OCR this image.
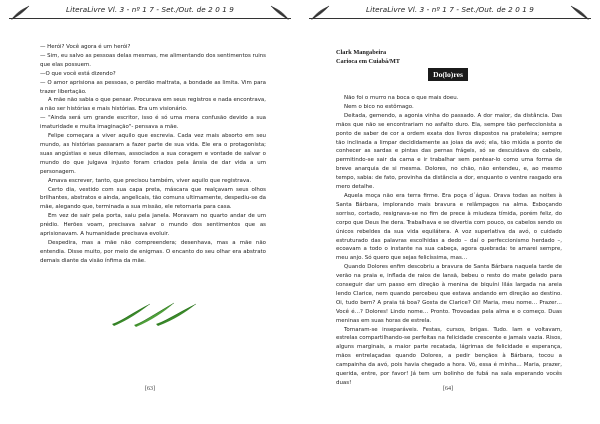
LiteraLivre Vl. 3 - nº 1 7 - Set./Out. de 2 0 1 9

— Herói? Você agora é um herói?

— Sim, eu salvo as pessoas delas mesmas, me alimentando dos sentimentos ruins que elas possuem.

—O que você está dizendo?

— O amor aprisiona as pessoas, o perdão maltrata, a bondade as limita. Vim para trazer libertação.

A mãe não sabia o que pensar. Procurava em seus registros e nada encontrava, a não ser histórias e mais histórias. Era um visionário.

— "Ainda será um grande escritor, isso é só uma mera confusão devido a sua imaturidade e muita imaginação"- pensava a mãe.

Felipe começara a viver aquilo que escrevia. Cada vez mais absorto em seu mundo, as histórias passaram a fazer parte de sua vida. Ele era o protagonista; suas angústias e seus dilemas, associados a sua coragem e vontade de salvar o mundo do que julgava injusto foram criados pela ânsia de dar vida a um personagem.

Amava escrever, tanto, que precisou também, viver aquilo que registrava.

Certo dia, vestido com sua capa preta, máscara que realçavam seus olhos brilhantes, abstratos e ainda, angelicais, tão comuns ultimamente, despediu-se da mãe, alegando que, terminada a sua missão, ele retornaria para casa.

Em vez de sair pela porta, saiu pela janela. Moravam no quarto andar de um prédio. Herões voam, precisava salvar o mundo dos sentimentos que as aprisionavam. A humanidade precisava evoluir.

Despedira, mas a mãe não compreendera; desenhava, mas a mãe não entendia. Disse muito, por meio de enigmas. O encanto do seu olhar era abstrato demais diante da visão ínfima da mãe.

[63]
LiteraLivre Vl. 3 - nº 1 7 - Set./Out. de 2 0 1 9
Clark Mangabeira
Carioca em Cuiabá/MT
Do(lo)res

Não foi o murro na boca o que mais doeu.

Nem o bico no estômago.

Deitada, gemendo, a agonia vinha do passado. A dor maior, da distância. Das mãos que não se encontrariam no asfalto duro. Ela, sempre tão perfeccionista a ponto de saber de cor a ordem exata dos livros dispostos na prateleira; sempre tão inclinada a limpar decididamente as joias da avó; ela, tão miúda a ponto de conhecer as sardas e pintas das pernas frágeis, só se descuidava do cabelo, permitindo-se sair da cama e ir trabalhar sem pentear-lo como uma forma de breve anarquia de si mesma. Dolores, no chão, não entendeu, e, ao mesmo tempo, sabia: de fato, provinha da distância a dor, enquanto o ventre rasgado era mero detalhe.

Aquela moça não era terra firme. Era poça d´água. Orava todas as noites à Santa Bárbara, implorando mais bravura e relâmpagos na alma. Esboçando sorriso, cortado, resignava-se no fim de prece à miudeza tímida, porém feliz, do corpo que Deus lhe dera. Trabalhava e se divertia com pouco, os cabelos sendo os únicos rebeldes da sua vida equilátera. A voz superlativa da avó, o cuidado estruturado das palavras escolhidas a dedo – daí o perfeccionismo herdado –, ecoavam a todo o instante na sua cabeça, agora quebrada: te amarei sempre, meu anjo. Só quero que sejas felicíssima, mas…

Quando Dolores enfim descobriu a bravura de Santa Bárbara naquela tarde de verão na praia e, inflada de raios de Iansã, bebeu o resto do mate gelado para conseguir dar um passo em direção à menina de biquíni lilás largada na areia lendo Clarice, nem quando percebeu que estava andando em direção ao destino. Oi, tudo bem? A praia tá boa? Gosta de Clarice? Oi! Maria, meu nome… Prazer… Você é…? Dolores! Lindo nome… Pronto. Trovoadas pela alma e o começo. Duas meninas em suas horas de estrela.

Tornaram-se inseparáveis. Festas, cursos, brigas. Tudo. Iam e voltavam, estrelas compartilhando-se perfeitas na felicidade crescente e jamais vazia. Risos, alguns marginais, a maior parte recatada, lágrimas de felicidade e esperança, mãos entrelaçadas quando Dolores, a pedir bençãos à Bárbara, tocou a campainha da avó, pois havia chegado a hora. Vó, essa é minha… Maria, prazer, querida, entre, por favor! Já tem um bolinho de fubá na sala esperando vocês duas!

[64]
